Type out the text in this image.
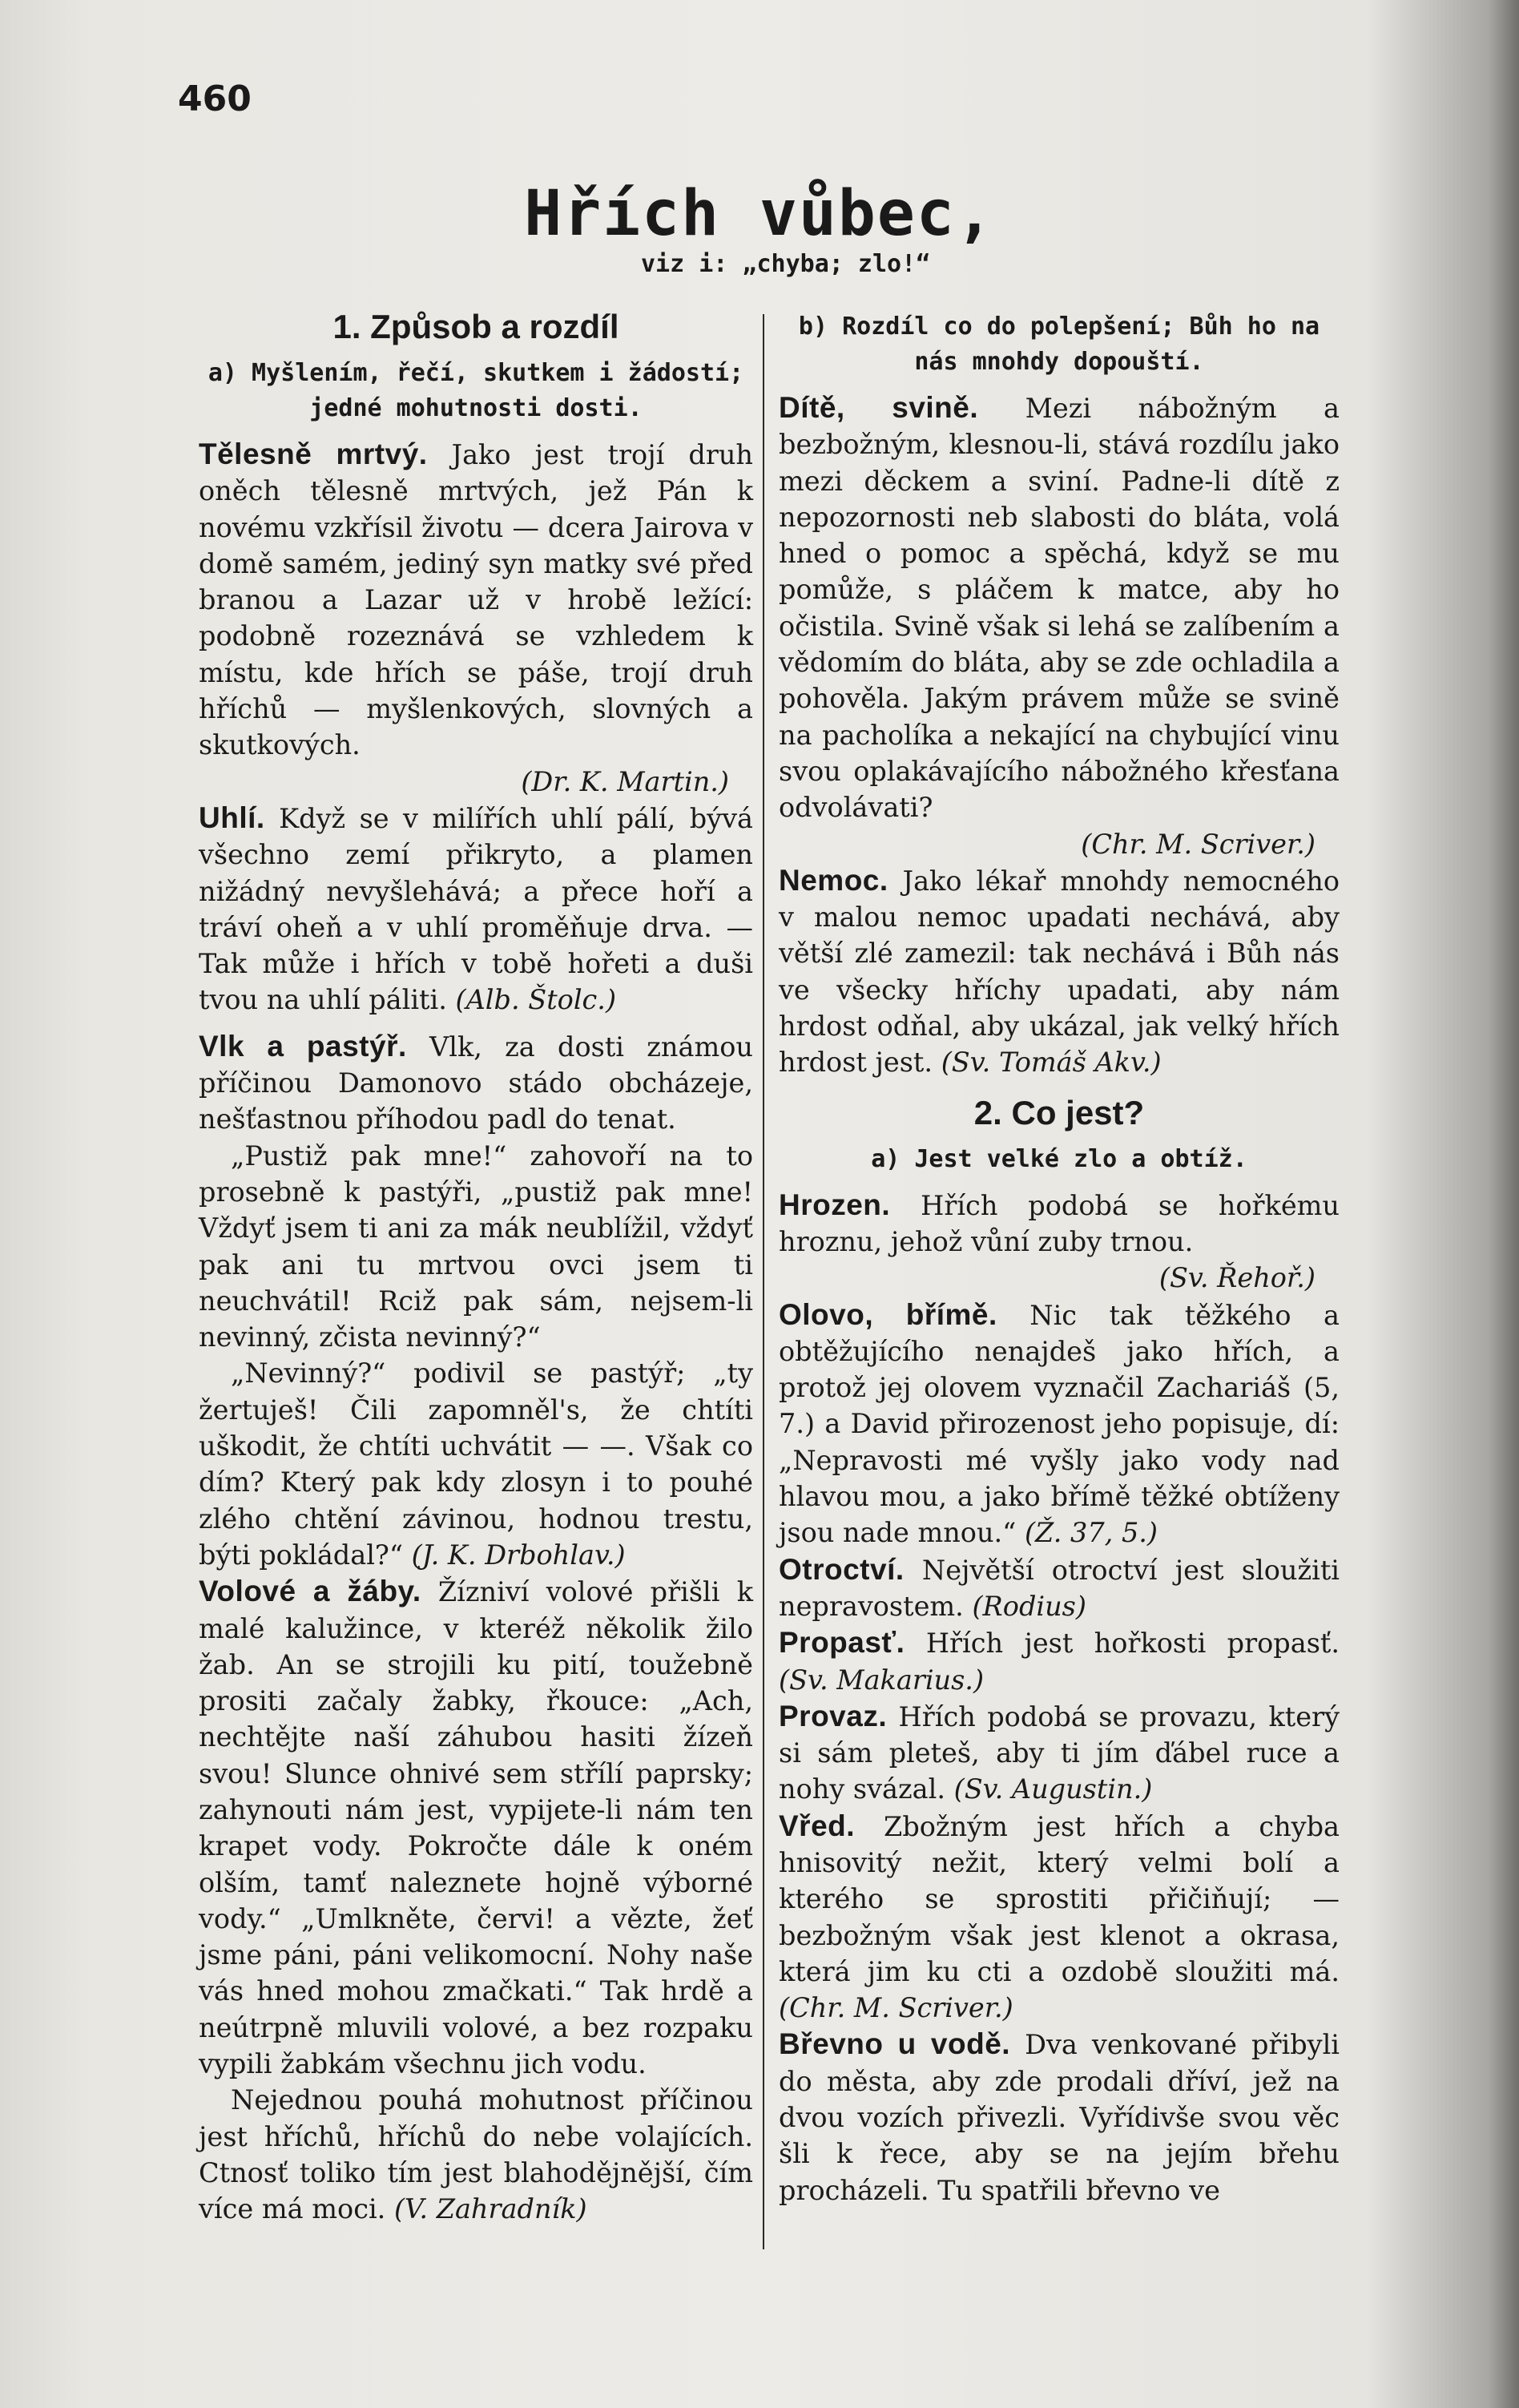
460
Hřích vůbec,
viz i: „chyba; zlo!“
1. Způsob a rozdíl
a) Myšlením, řečí, skutkem i žádostí; jedné mohutnosti dosti.

Tělesně mrtvý. Jako jest trojí druh oněch tělesně mrtvých, jež Pán k novému vzkřísil životu — dcera Jairova v domě samém, jediný syn matky své před branou a Lazar už v hrobě ležící: podobně rozeznává se vzhledem k místu, kde hřích se páše, trojí druh hříchů — myšlenkových, slovných a skutkových.

(Dr. K. Martin.)

Uhlí. Když se v milířích uhlí pálí, bývá všechno zemí přikryto, a plamen nižádný nevyšlehává; a přece hoří a tráví oheň a v uhlí proměňuje drva. — Tak může i hřích v tobě hořeti a duši tvou na uhlí páliti. (Alb. Štolc.)

Vlk a pastýř. Vlk, za dosti známou příčinou Damonovo stádo obcházeje, nešťastnou příhodou padl do tenat.

„Pustiž pak mne!“ zahovoří na to prosebně k pastýři, „pustiž pak mne! Vždyť jsem ti ani za mák neublížil, vždyť pak ani tu mrtvou ovci jsem ti neuchvátil! Rciž pak sám, nejsem-li nevinný, zčista nevinný?“

„Nevinný?“ podivil se pastýř; „ty žertuješ! Čili zapomněl's, že chtíti uškodit, že chtíti uchvátit — —. Však co dím? Který pak kdy zlosyn i to pouhé zlého chtění závinou, hodnou trestu, býti pokládal?“ (J. K. Drbohlav.)

Volové a žáby. Žízniví volové přišli k malé kalužince, v kteréž několik žilo žab. An se strojili ku pití, toužebně prositi začaly žabky, řkouce: „Ach, nechtějte naší záhubou hasiti žízeň svou! Slunce ohnivé sem střílí paprsky; zahynouti nám jest, vypijete-li nám ten krapet vody. Pokročte dále k oném olším, tamť naleznete hojně výborné vody.“ „Umlkněte, červi! a vězte, žeť jsme páni, páni velikomocní. Nohy naše vás hned mohou zmačkati.“ Tak hrdě a neútrpně mluvili volové, a bez rozpaku vypili žabkám všechnu jich vodu.

Nejednou pouhá mohutnost příčinou jest hříchů, hříchů do nebe volajících. Ctnosť toliko tím jest blahodějnější, čím více má moci. (V. Zahradník)

b) Rozdíl co do polepšení; Bůh ho na nás mnohdy dopouští.

Dítě, svině. Mezi nábožným a bezbožným, klesnou-li, stává rozdílu jako mezi děckem a sviní. Padne-li dítě z nepozornosti neb slabosti do bláta, volá hned o pomoc a spěchá, když se mu pomůže, s pláčem k matce, aby ho očistila. Svině však si lehá se zalíbením a vědomím do bláta, aby se zde ochladila a pohověla. Jakým právem může se svině na pacholíka a nekající na chybující vinu svou oplakávajícího nábožného křesťana odvolávati?

(Chr. M. Scriver.)

Nemoc. Jako lékař mnohdy nemocného v malou nemoc upadati nechává, aby větší zlé zamezil: tak nechává i Bůh nás ve všecky hříchy upadati, aby nám hrdost odňal, aby ukázal, jak velký hřích hrdost jest. (Sv. Tomáš Akv.)

2. Co jest?
a) Jest velké zlo a obtíž.

Hrozen. Hřích podobá se hořkému hroznu, jehož vůní zuby trnou.

(Sv. Řehoř.)

Olovo, břímě. Nic tak těžkého a obtěžujícího nenajdeš jako hřích, a protož jej olovem vyznačil Zachariáš (5, 7.) a David přirozenost jeho popisuje, dí: „Nepravosti mé vyšly jako vody nad hlavou mou, a jako břímě těžké obtíženy jsou nade mnou.“ (Ž. 37, 5.)

Otroctví. Největší otroctví jest sloužiti nepravostem. (Rodius)

Propasť. Hřích jest hořkosti propasť. (Sv. Makarius.)

Provaz. Hřích podobá se provazu, který si sám pleteš, aby ti jím ďábel ruce a nohy svázal. (Sv. Augustin.)

Vřed. Zbožným jest hřích a chyba hnisovitý nežit, který velmi bolí a kterého se sprostiti přičiňují; — bezbožným však jest klenot a okrasa, která jim ku cti a ozdobě sloužiti má. (Chr. M. Scriver.)

Břevno u vodě. Dva venkované přibyli do města, aby zde prodali dříví, jež na dvou vozích přivezli. Vyřídivše svou věc šli k řece, aby se na jejím břehu procházeli. Tu spatřili břevno ve
